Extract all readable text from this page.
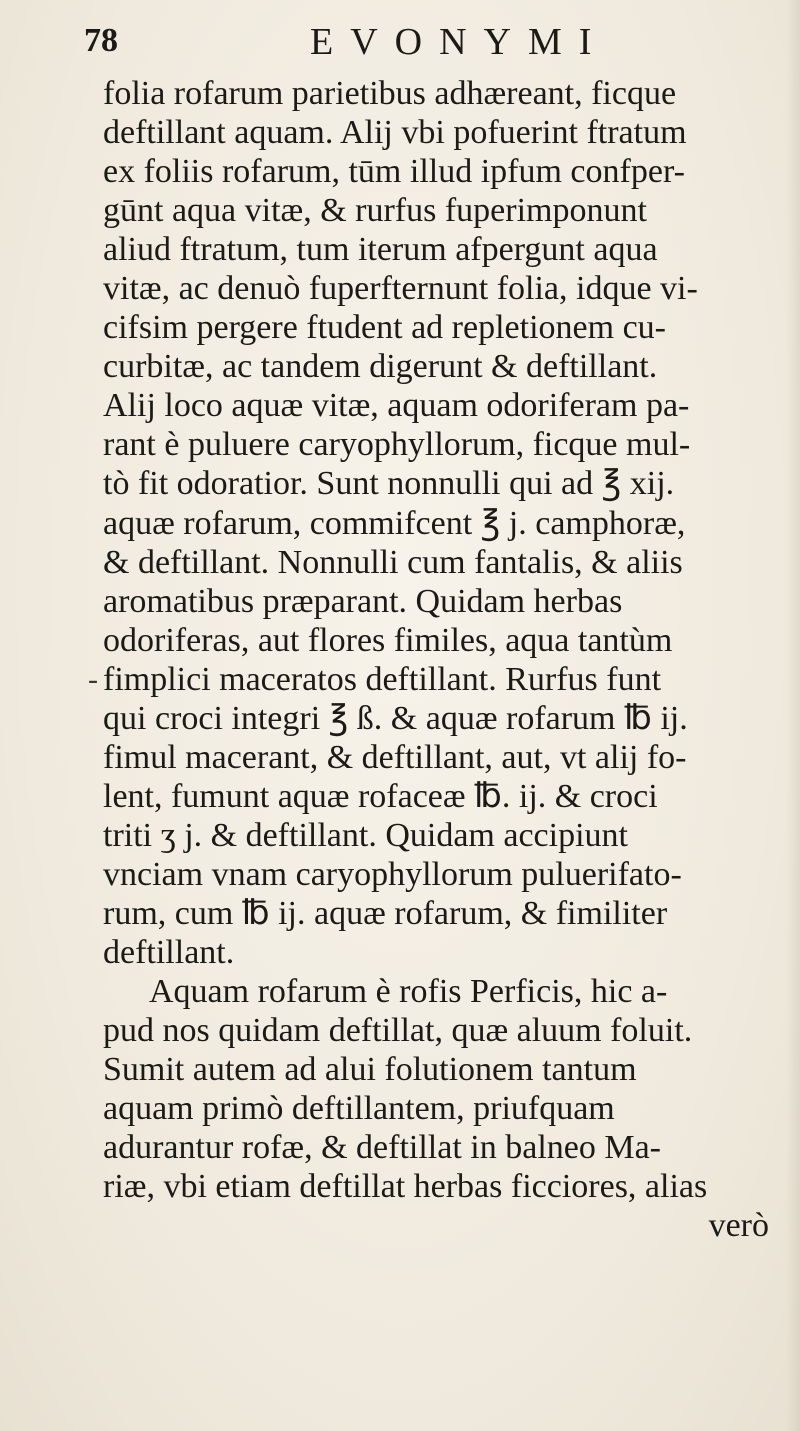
78	EVONYMI
-
folia rofarum parietibus adhæreant, ficque
deftillant aquam. Alij vbi pofuerint ftratum
ex foliis rofarum, tūm illud ipfum confper-
gūnt aqua vitæ, & rurfus fuperimponunt
aliud ftratum, tum iterum afpergunt aqua
vitæ, ac denuò fuperfternunt folia, idque vi-
cifsim pergere ftudent ad repletionem cu-
curbitæ, ac tandem digerunt & deftillant.
Alij loco aquæ vitæ, aquam odoriferam pa-
rant è puluere caryophyllorum, ficque mul-
tò fit odoratior. Sunt nonnulli qui ad ℥ xij.
aquæ rofarum, commifcent ℥ j. camphoræ,
& deftillant. Nonnulli cum fantalis, & aliis
aromatibus præparant. Quidam herbas
odoriferas, aut flores fimiles, aqua tantùm
fimplici maceratos deftillant. Rurfus funt
qui croci integri ℥ ß. & aquæ rofarum ℔ ij.
fimul macerant, & deftillant, aut, vt alij fo-
lent, fumunt aquæ rofaceæ ℔. ij. & croci
triti ʒ j. & deftillant. Quidam accipiunt
vnciam vnam caryophyllorum puluerifato-
rum, cum ℔ ij. aquæ rofarum, & fimiliter
deftillant.
Aquam rofarum è rofis Perficis, hic a-
pud nos quidam deftillat, quæ aluum foluit.
Sumit autem ad alui folutionem tantum
aquam primò deftillantem, priufquam
adurantur rofæ, & deftillat in balneo Ma-
riæ, vbi etiam deftillat herbas ficciores, alias
verò
